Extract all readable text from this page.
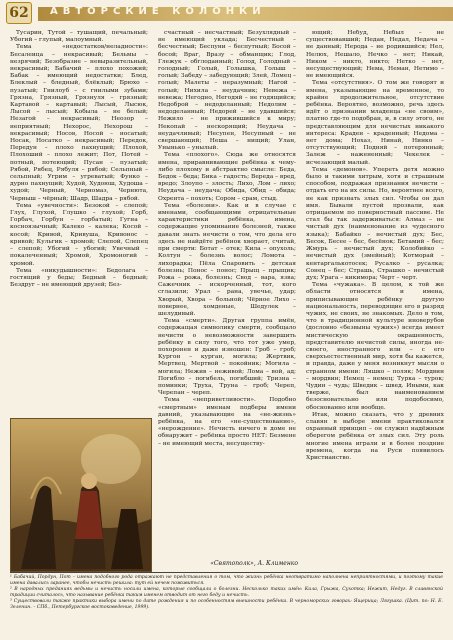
62	АВТОРСКИЕ КОЛОНКИ

Тусарин, Тутой – тушащий, печальный; Убогий – глупый, малоумный.

Тема «недостатков/неладности»: Бесалеица – некрасивый; Бельмы – незрячий; Безобразие – невыразительный, некрасивый; Бабачий – плохо похожий; Бабак – имеющий недостатки; Блед, Блеклый – бледный, блёклый; Брюхо – пузатый; Гнилоуб – с гнилыми зубами; Грязна, Грязный, Грязнуля – грязный; Картавой – картавый; Лысый, Лысюк, Лысой – лысый; Кобыла – не белый; Незагой – некрасивый; Неозор – неприятный; Нехорос, Нехорош – некрасивый; Носов, Носой – носатый; Носак, Носатко – некрасивый; Передок, Передун – плохо пахнущий; Плохой, Плохоший – плохо лежит; Пот, Потей – потный, потеющий; Пусан – пузатый; Рябой, Рябец, Рябуля – рябой; Сельпный – сельпный; Угрим – угреватый; Функо – дурно пахнущий; Худой, Худоюш, Худоша – худой; Черный, Черномаз, Чернюта, Черныш – чёрный; Шадр, Шадра – рябой.

Тема «увечности»: Безокой – слепой; Глух, Глухой, Глушко – глухой; Горб, Горбач, Горбун – горбатый; Гугна – косноязычный; Калеко – калека; Косой – косой; Кривой, Кривуша, Кривонос – кривой; Кульгик – хромой; Слепой, Слепец – слепой; Убогий – убогий; Увечный – покалеченный; Хромой, Хромоногий – хромой.

Тема «никудышности»: Бедолага – гостящий у беды; Бедный – бедный; Бездруг – не имеющий друзей; Без-

счастный – несчастный; Безухлядный – не имеющий уклада; Бесчестный – бесчестный; Беспуни – беспутный; Босой – босой; Враг, Вразу – обманщик; Глод, Глежук – обглоданный; Голод, Голодный – голодный; Голый, Голышка, Голыш – голый; Забеду – забедующий; Злей, Ломец – голый; Малеты – неразумный; Нагой – голый; Нихила – неудачник; Невежа – невежа; Негодно, Негодяй – не годящийся; Недоброй – недоделанный; Недолим – недоделанный; Недорей – не удавшийся; Нежило – не прижившийся к миру; Некопай – нескорящий; Неудача – неудачливый; Несупен, Несупный – не свершающий; Неша – нищий; Улан, Унынько – унылый.

Тема «плохого». Сюда же относятся имена, приравнивающие ребёнка к чему-либо плохому и абстрактно смысле: Беда, Бедок – беда; Бика – гадость; Вереда – вред, вредо; Злоупо – злость; Лихо, Лом – лихо; Неудача – неудача; Обида, Обид – обида; Охрента – похоть; Сором – срам, стыд.

Тема «болезни». Как и в случае с именами, сообщающими отрицательные характеристики ребёнка, имена, содержащие упоминание болезней, также давали знать нечисти о том, что дела его здесь не найдёте ребёнок хворает, считай, при смерти: Ботат – отек; Кила – опухоль; Колтун – болезнь волос; Ломота – лихорадка; Пёла Спаровить – детская болезнь; Понос – понос; Прыщ – прыщик; Рожа – рожа, болезнь; Свод – вара, язва; Сажечник – искорченный, тот, кого сглазили; Урал – рана, увечье, удар; Хворый, Хвора – больной; Чёрное Лихо – повернее, хомденые, Шедулек – шелудивый.

Тема «смерти». Другая группа имён, содержащая символику смерти, сообщало нечисти о невозможности завершить ребёнку в силу того, что тот уже умер, похоронен и даже изношен: Гроб – гроб; Кургон – курган, могила; Жертвик, Мертвец, Мертвой – покойник; Могила – могила; Нежив – неживой; Лома – вой, ад; Погибло – погибель, погибший; Тризна – поминки; Труха, Труна – гроб; Череп, Черепан – череп.

Тема «неприветливости». Подобно «смертным» именам подберы имени давний, указывающие на «не-жизнь» ребёнка, на его «не-существование», «нерождение». Нечисть ничего в доме не обнаружит – ребёнка просто НЕТ: Безмене – не имеющий места, несуществу-

ющий; Небуд, Небыл – не существовавший; Недан, Недал, Недача – не данный; Нерода – не родившийся; Нел, Нелюх, Нешало, Нечко – нет; Никай, Ником – никто, никто; Нетко – нет, несуществующий; Нема, Неман, Нетимо – не имеющийся.

Тема «отсутствия». О том же говорят и имена, указывающие на временное, то крайне продолжительное, отсутствие ребёнка. Вероятно, возможно, речь здесь идёт о признании младенца «не своим», платно где-то подобран, и, в силу этого, не представляющим для нечистых никакого интереса: Краден – краденный; Недома – нет дома; Нохаз, Нинай, Нинко – отсутствующий; Подняй – потерянный; Залеж – нажененный; Чекелек – исчезающий малый.

Тема «демонов». Упереть детя можно было и такими хитрым, хотя и страшным способом, подражая признания нечисти – отдать его на их силы. Но, вероятнее всего, не как признать злых сил. Чтобы он дал имя. Бывали пустой прозвали, как отрицаемом по поверностный пассиве. Не стал бы так задерживаться: Алмаз – не чистый дух (наименование из чудесного языка); Бабайко – нечистый дух; Бес, Бесок, Бесее – бес, бесёнок; Бетамий – бес; Жмурь – нечистый дух; Колобийко – нечистый дух (змейный); Котморай – кентаргалькотосек; Русалко – русалка; Сонец – бес; Страшь, Страшко – нечистый дух; Урага – кикимора; Черт – черт.

Тема «чужака». В целом, к той же области относятся и имена, приписывающие ребёнку другую национальность, переводящие его в разряд чужих, не своих, не знакомых. Дело в том, что в традиционной культуре иноверубов (дословно «безвыны чужих») всегда имеет мистическую окрашенность, представителю нечистой силы, иногда не-своего, иностранного или – с его сверхъестественный мир, хотя бы кажется, и правда, даже у меня возникнут мысли о странном имени: Ляшко – поляк; Мордвин – мордвин; Немец – немец; Турка – турок; Чудин – чудь; Шведик – швед. Иными, как тверже, был наименованием безосновательно или подобосимо, обоснованно или вообще.

Итак, можно сказать, что у древних славян в выборе имени практиковался охранный принцип – он служил надёжным оберегом ребёнка от злых сил. Эту роль многие имена играли и в более поздние времена, когда на Руси появилось Христианство.

«Святополк», А. Клименко

¹ Бабачий, Пордун, Пот – имена подобного рода отражают не представления о том, что жизнь ребёнка неотвратимо наполнена неприятностями, и поэтому такие имена давались заранее, чтобы нечисть решила: тут ей нечем поживиться.

² В народных преданиях ведьмы и нечисть носили имена, которые сообщали о болезни. Несколько таких имён: Кила, Грыжа, Сухотка; Нежит, Недуг. В славянской традиции считалось, что называние ребёнка таким именем отводит от него беду и нечисть.

³ Существовали также практики выбора имени по дате рождения и по особенностям внешности ребёнка. В черноморских говорах: Ящерица; Лягушка. (Цит. по: Н. Е. Зеленин. – СПб., Петербургское востоковедение, 1999).
